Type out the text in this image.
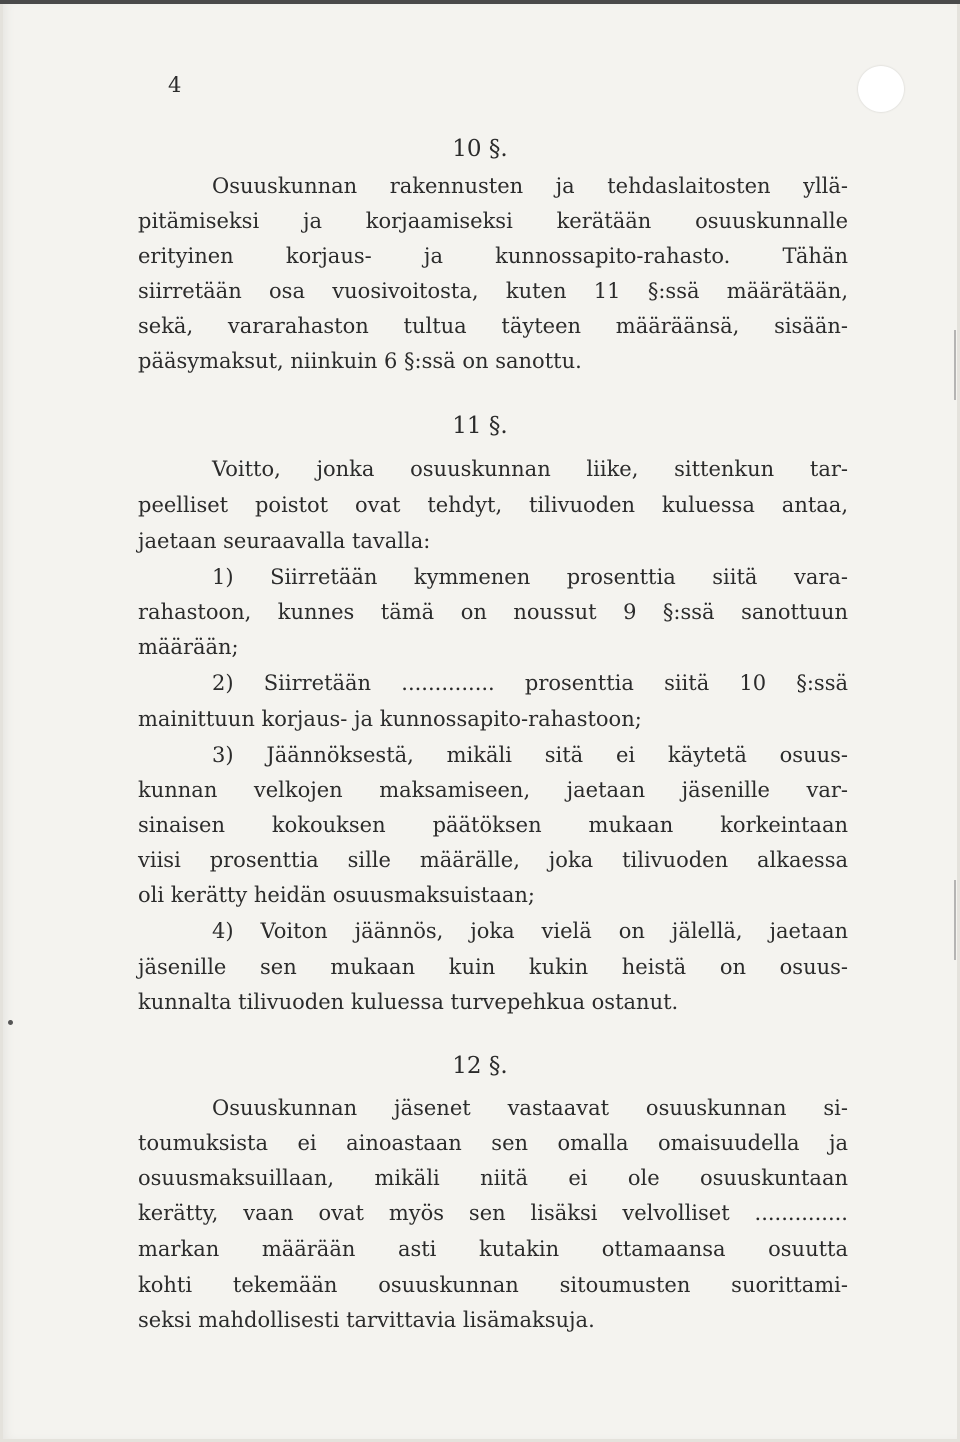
4
10 §.
Osuuskunnan rakennusten ja tehdaslaitosten yllä-
pitämiseksi ja korjaamiseksi kerätään osuuskunnalle
erityinen korjaus- ja kunnossapito-rahasto. Tähän
siirretään osa vuosivoitosta, kuten 11 §:ssä määrätään,
sekä, vararahaston tultua täyteen määräänsä, sisään-
pääsymaksut, niinkuin 6 §:ssä on sanottu.
11 §.
Voitto, jonka osuuskunnan liike, sittenkun tar-
peelliset poistot ovat tehdyt, tilivuoden kuluessa antaa,
jaetaan seuraavalla tavalla:
1) Siirretään kymmenen prosenttia siitä vara-
rahastoon, kunnes tämä on noussut 9 §:ssä sanottuun
määrään;
2) Siirretään .............. prosenttia siitä 10 §:ssä
mainittuun korjaus- ja kunnossapito-rahastoon;
3) Jäännöksestä, mikäli sitä ei käytetä osuus-
kunnan velkojen maksamiseen, jaetaan jäsenille var-
sinaisen kokouksen päätöksen mukaan korkeintaan
viisi prosenttia sille määrälle, joka tilivuoden alkaessa
oli kerätty heidän osuusmaksuistaan;
4) Voiton jäännös, joka vielä on jälellä, jaetaan
jäsenille sen mukaan kuin kukin heistä on osuus-
kunnalta tilivuoden kuluessa turvepehkua ostanut.
12 §.
Osuuskunnan jäsenet vastaavat osuuskunnan si-
toumuksista ei ainoastaan sen omalla omaisuudella ja
osuusmaksuillaan, mikäli niitä ei ole osuuskuntaan
kerätty, vaan ovat myös sen lisäksi velvolliset ..............
markan määrään asti kutakin ottamaansa osuutta
kohti tekemään osuuskunnan sitoumusten suorittami-
seksi mahdollisesti tarvittavia lisämaksuja.
